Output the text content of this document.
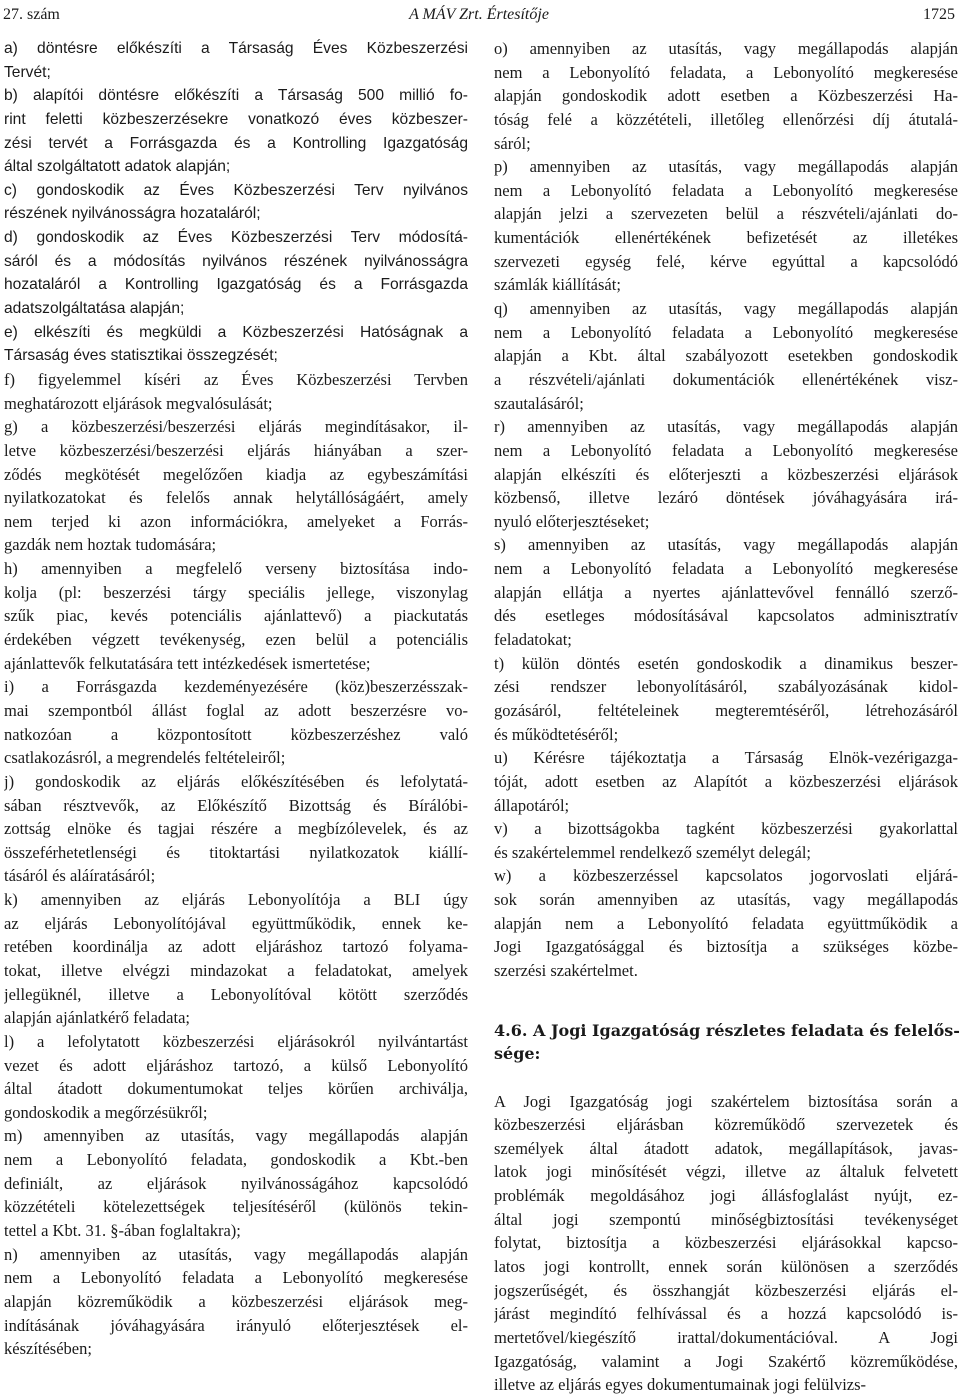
A MÁV Zrt. Értesítője
27. szám	1725
a) döntésre előkészíti a Társaság Éves Közbeszerzési
Tervét;
b) alapítói döntésre előkészíti a Társaság 500 millió fo-
rint feletti közbeszerzésekre vonatkozó éves közbeszer-
zési tervét a Forrásgazda és a Kontrolling Igazgatóság
által szolgáltatott adatok alapján;
c) gondoskodik az Éves Közbeszerzési Terv nyilvános
részének nyilvánosságra hozataláról;
d) gondoskodik az Éves Közbeszerzési Terv módosítá-
sáról és a módosítás nyilvános részének nyilvánosságra
hozataláról a Kontrolling Igazgatóság és a Forrásgazda
adatszolgáltatása alapján;
e) elkészíti és megküldi a Közbeszerzési Hatóságnak a
Társaság éves statisztikai összegzését;
f) figyelemmel kíséri az Éves Közbeszerzési Tervben
meghatározott eljárások megvalósulását;
g) a közbeszerzési/beszerzési eljárás megindításakor, il-
letve közbeszerzési/beszerzési eljárás hiányában a szer-
ződés megkötését megelőzően kiadja az egybeszámítási
nyilatkozatokat és felelős annak helytállóságáért, amely
nem terjed ki azon információkra, amelyeket a Forrás-
gazdák nem hoztak tudomására;
h) amennyiben a megfelelő verseny biztosítása indo-
kolja (pl: beszerzési tárgy speciális jellege, viszonylag
szűk piac, kevés potenciális ajánlattevő) a piackutatás
érdekében végzett tevékenység, ezen belül a potenciális
ajánlattevők felkutatására tett intézkedések ismertetése;
i) a Forrásgazda kezdeményezésére (köz)beszerzésszak-
mai szempontból állást foglal az adott beszerzésre vo-
natkozóan a központosított közbeszerzéshez való
csatlakozásról, a megrendelés feltételeiről;
j) gondoskodik az eljárás előkészítésében és lefolytatá-
sában résztvevők, az Előkészítő Bizottság és Bírálóbi-
zottság elnöke és tagjai részére a megbízólevelek, és az
összeférhetetlenségi és titoktartási nyilatkozatok kiállí-
tásáról és aláíratásáról;
k) amennyiben az eljárás Lebonyolítója a BLI úgy
az eljárás Lebonyolítójával együttműködik, ennek ke-
retében koordinálja az adott eljáráshoz tartozó folyama-
tokat, illetve elvégzi mindazokat a feladatokat, amelyek
jellegüknél, illetve a Lebonyolítóval kötött szerződés
alapján ajánlatkérő feladata;
l) a lefolytatott közbeszerzési eljárásokról nyilvántartást
vezet és adott eljáráshoz tartozó, a külső Lebonyolító
által átadott dokumentumokat teljes körűen archiválja,
gondoskodik a megőrzésükről;
m) amennyiben az utasítás, vagy megállapodás alapján
nem a Lebonyolító feladata, gondoskodik a Kbt.-ben
definiált, az eljárások nyilvánosságához kapcsolódó
közzétételi kötelezettségek teljesítéséről (különös tekin-
tettel a Kbt. 31. §-ában foglaltakra);
n) amennyiben az utasítás, vagy megállapodás alapján
nem a Lebonyolító feladata a Lebonyolító megkeresése
alapján közreműködik a közbeszerzési eljárások meg-
indításának jóváhagyására irányuló előterjesztések el-
készítésében;
o) amennyiben az utasítás, vagy megállapodás alapján
nem a Lebonyolító feladata, a Lebonyolító megkeresése
alapján gondoskodik adott esetben a Közbeszerzési Ha-
tóság felé a közzétételi, illetőleg ellenőrzési díj átutalá-
sáról;
p) amennyiben az utasítás, vagy megállapodás alapján
nem a Lebonyolító feladata a Lebonyolító megkeresése
alapján jelzi a szervezeten belül a részvételi/ajánlati do-
kumentációk ellenértékének befizetését az illetékes
szervezeti egység felé, kérve egyúttal a kapcsolódó
számlák kiállítását;
q) amennyiben az utasítás, vagy megállapodás alapján
nem a Lebonyolító feladata a Lebonyolító megkeresése
alapján a Kbt. által szabályozott esetekben gondoskodik
a részvételi/ajánlati dokumentációk ellenértékének visz-
szautalásáról;
r) amennyiben az utasítás, vagy megállapodás alapján
nem a Lebonyolító feladata a Lebonyolító megkeresése
alapján elkészíti és előterjeszti a közbeszerzési eljárások
közbenső, illetve lezáró döntések jóváhagyására irá-
nyuló előterjesztéseket;
s) amennyiben az utasítás, vagy megállapodás alapján
nem a Lebonyolító feladata a Lebonyolító megkeresése
alapján ellátja a nyertes ajánlattevővel fennálló szerző-
dés esetleges módosításával kapcsolatos adminisztratív
feladatokat;
t) külön döntés esetén gondoskodik a dinamikus beszer-
zési rendszer lebonyolításáról, szabályozásának kidol-
gozásáról, feltételeinek megteremtéséről, létrehozásáról
és működtetéséről;
u) Kérésre tájékoztatja a Társaság Elnök-vezérigazga-
tóját, adott esetben az Alapítót a közbeszerzési eljárások
állapotáról;
v) a bizottságokba tagként közbeszerzési gyakorlattal
és szakértelemmel rendelkező személyt delegál;
w) a közbeszerzéssel kapcsolatos jogorvoslati eljárá-
sok során amennyiben az utasítás, vagy megállapodás
alapján nem a Lebonyolító feladata együttműködik a
Jogi Igazgatósággal és biztosítja a szükséges közbe-
szerzési szakértelmet.
4.6. A Jogi Igazgatóság részletes feladata és felelős-
sége:
A Jogi Igazgatóság jogi szakértelem biztosítása során a
közbeszerzési eljárásban közreműködő szervezetek és
személyek által átadott adatok, megállapítások, javas-
latok jogi minősítését végzi, illetve az általuk felvetett
problémák megoldásához jogi állásfoglalást nyújt, ez-
által jogi szempontú minőségbiztosítási tevékenységet
folytat, biztosítja a közbeszerzési eljárásokkal kapcso-
latos jogi kontrollt, ennek során különösen a szerződés
jogszerűségét, és összhangját közbeszerzési eljárás el-
járást megindító felhívással és a hozzá kapcsolódó is-
mertetővel/kiegészítő irattal/dokumentációval. A Jogi
Igazgatóság, valamint a Jogi Szakértő közreműködése,
illetve az eljárás egyes dokumentumainak jogi felülvizs-
